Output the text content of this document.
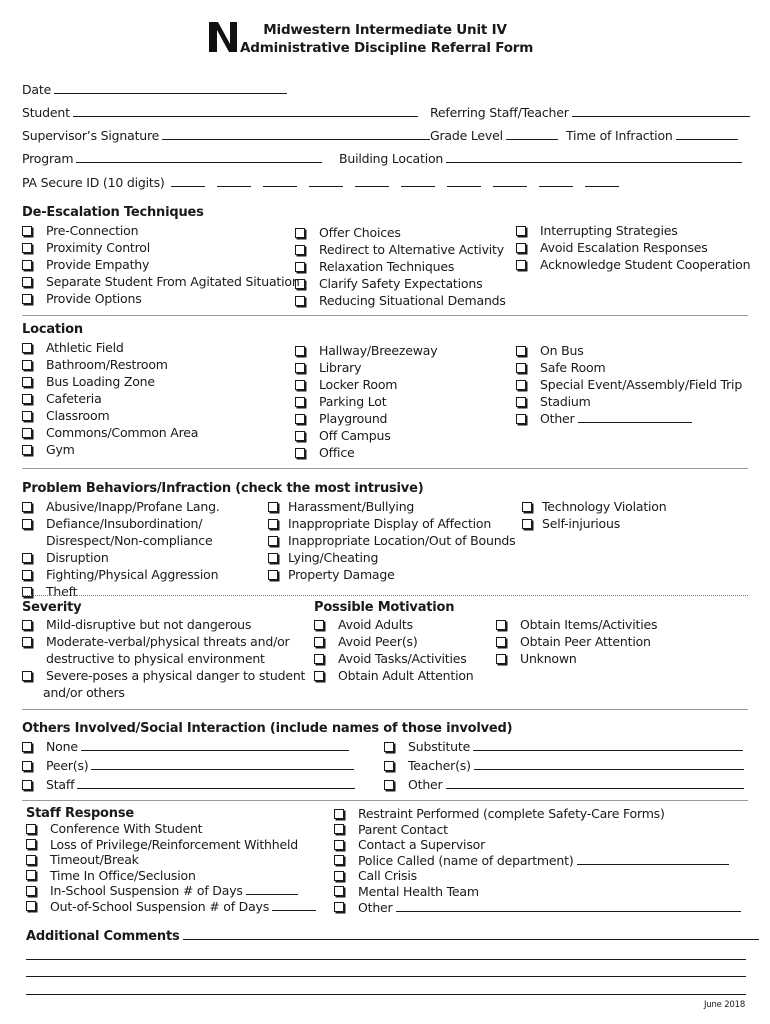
N
Midwestern Intermediate Unit IV
Administrative Discipline Referral Form
Date
Student	Referring Staff/Teacher
Supervisor’s Signature	Grade Level	Time of Infraction
Program	Building Location
PA Secure ID (10 digits)
De-Escalation Techniques
Pre-Connection
Proximity Control
Provide Empathy
Separate Student From Agitated Situation
Provide Options
Offer Choices
Redirect to Alternative Activity
Relaxation Techniques
Clarify Safety Expectations
Reducing Situational Demands
Interrupting Strategies
Avoid Escalation Responses
Acknowledge Student Cooperation
Location
Athletic Field
Bathroom/Restroom
Bus Loading Zone
Cafeteria
Classroom
Commons/Common Area
Gym
Hallway/Breezeway
Library
Locker Room
Parking Lot
Playground
Off Campus
Office
On Bus
Safe Room
Special Event/Assembly/Field Trip
Stadium
Other
Problem Behaviors/Infraction (check the most intrusive)
Abusive/Inapp/Profane Lang.
Defiance/Insubordination/
Disrespect/Non-compliance
Disruption
Fighting/Physical Aggression
Theft
Harassment/Bullying
Inappropriate Display of Affection
Inappropriate Location/Out of Bounds
Lying/Cheating
Property Damage
Technology Violation
Self-injurious
Severity
Mild-disruptive but not dangerous
Moderate-verbal/physical threats and/or
destructive to physical environment
Severe-poses a physical danger to student
and/or others
Possible Motivation
Avoid Adults
Avoid Peer(s)
Avoid Tasks/Activities
Obtain Adult Attention
Obtain Items/Activities
Obtain Peer Attention
Unknown
Others Involved/Social Interaction (include names of those involved)
None
Peer(s)
Staff
Substitute
Teacher(s)
Other
Staff Response
Conference With Student
Loss of Privilege/Reinforcement Withheld
Timeout/Break
Time In Office/Seclusion
In-School Suspension # of Days
Out-of-School Suspension # of Days
Restraint Performed (complete Safety-Care Forms)
Parent Contact
Contact a Supervisor
Police Called (name of department)
Call Crisis
Mental Health Team
Other
Additional Comments
June 2018
